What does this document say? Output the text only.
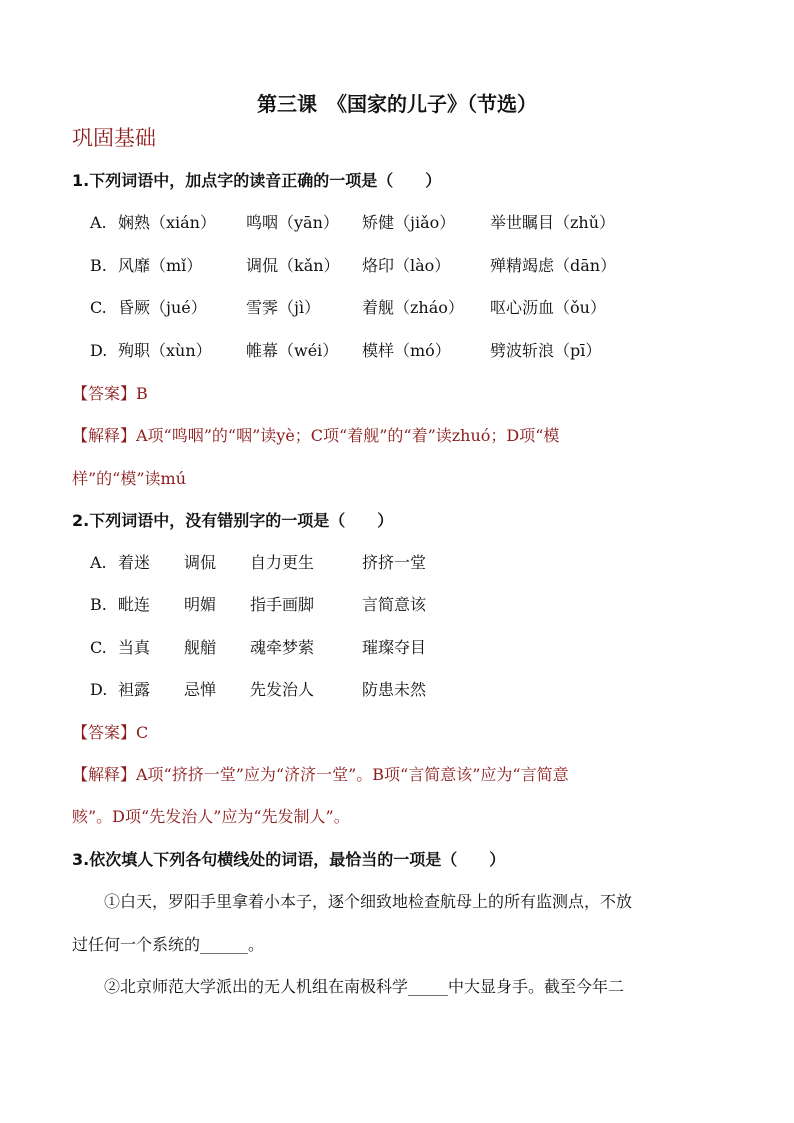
第三课　《国家的儿子》（节选）
巩固基础
1.下列词语中，加点字的读音正确的一项是（　　）
A. 娴熟（xián） 鸣咽（yān） 矫健（jiǎo） 举世瞩目（zhǔ）
B. 风靡（mǐ）	调侃（kǎn） 烙印（lào） 殚精竭虑（dān）
C. 昏厥（jué） 雪霁（jì）	着舰（zháo） 呕心沥血（ǒu）
D. 殉职（xùn） 帷幕（wéi） 模样（mó） 劈波斩浪（pī）
【答案】B
【解释】A项“鸣咽”的“咽”读yè；C项“着舰”的“着”读zhuó；D项“模
样”的“模”读mú
2.下列词语中，没有错别字的一项是（　　）
A. 着迷 调侃 自力更生	挤挤一堂
B. 毗连 明媚 指手画脚	言简意该
C. 当真 舰艏 魂牵梦萦	璀璨夺目
D. 袒露 忌惮 先发治人	防患未然
【答案】C
【解释】A项“挤挤一堂”应为“济济一堂”。B项“言简意该”应为“言简意
赅”。D项“先发治人”应为“先发制人”。
3.依次填人下列各句横线处的词语，最恰当的一项是（　　）
①白天，罗阳手里拿着小本子，逐个细致地检查航母上的所有监测点，不放
过任何一个系统的______。
②北京师范大学派出的无人机组在南极科学_____中大显身手。截至今年二
